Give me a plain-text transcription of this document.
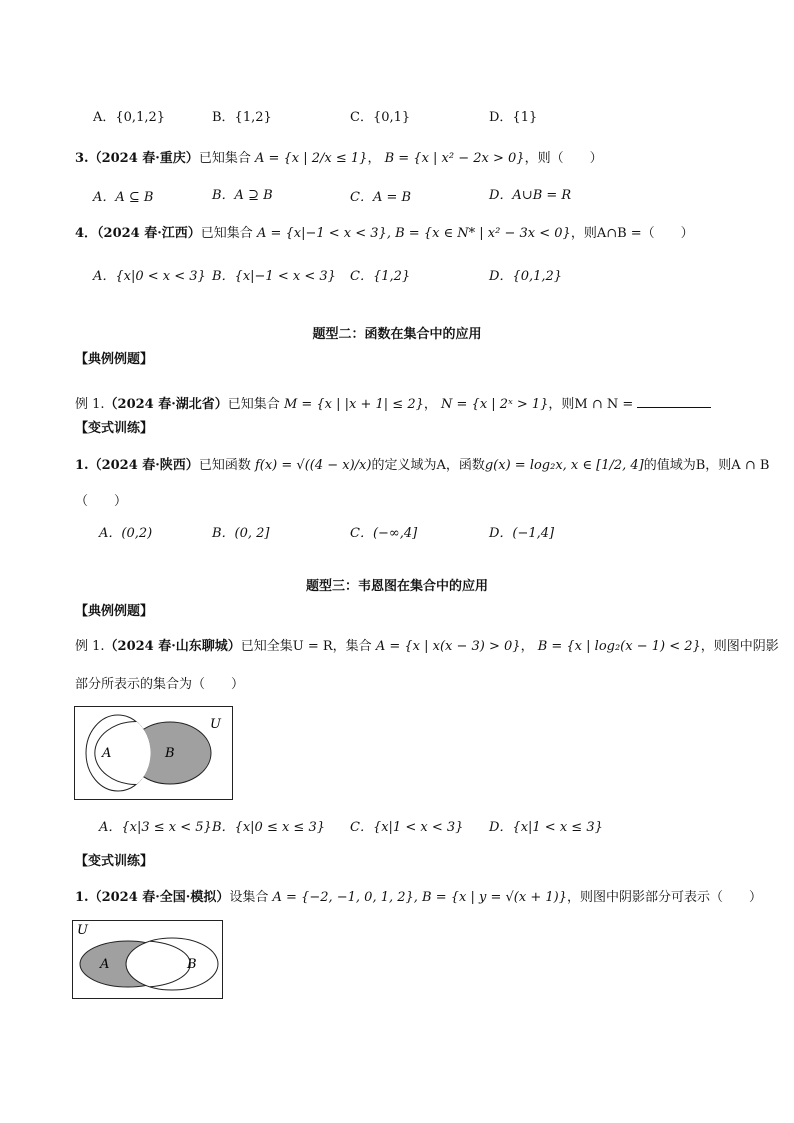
A．{0,1,2}	B．{1,2}	C．{0,1}	D．{1}
3.（2024 春·重庆）已知集合 A = {x | 2/x ≤ 1}， B = {x | x² − 2x > 0}，则（　　）
A．A ⊆ B	B．A ⊇ B	C．A = B	D．A∪B = R
4．（2024 春·江西）已知集合 A = {x|−1 < x < 3}, B = {x ∈ N* | x² − 3x < 0}，则A∩B =（　　）
A．{x|0 < x < 3} B．{x|−1 < x < 3} C．{1,2}	D．{0,1,2}
题型二：函数在集合中的应用
【典例例题】
例 1.（2024 春·湖北省）已知集合 M = {x | |x + 1| ≤ 2}， N = {x | 2ˣ > 1}，则M ∩ N =
【变式训练】
1.（2024 春·陕西）已知函数 f(x) = √((4 − x)/x)的定义域为A，函数g(x) = log₂x, x ∈ [1/2, 4]的值域为B，则A ∩ B
（　　）
A．(0,2)	B．(0, 2]	C．(−∞,4]	D．(−1,4]
题型三：韦恩图在集合中的应用
【典例例题】
例 1.（2024 春·山东聊城）已知全集U = R，集合 A = {x | x(x − 3) > 0}， B = {x | log₂(x − 1) < 2}，则图中阴影
部分所表示的集合为（　　）
A	B
U
A．{x|3 ≤ x < 5} B．{x|0 ≤ x ≤ 3} C．{x|1 < x < 3} D．{x|1 < x ≤ 3}
【变式训练】
1.（2024 春·全国·模拟）设集合 A = {−2, −1, 0, 1, 2}, B = {x | y = √(x + 1)}，则图中阴影部分可表示（　　）
A	B
U
